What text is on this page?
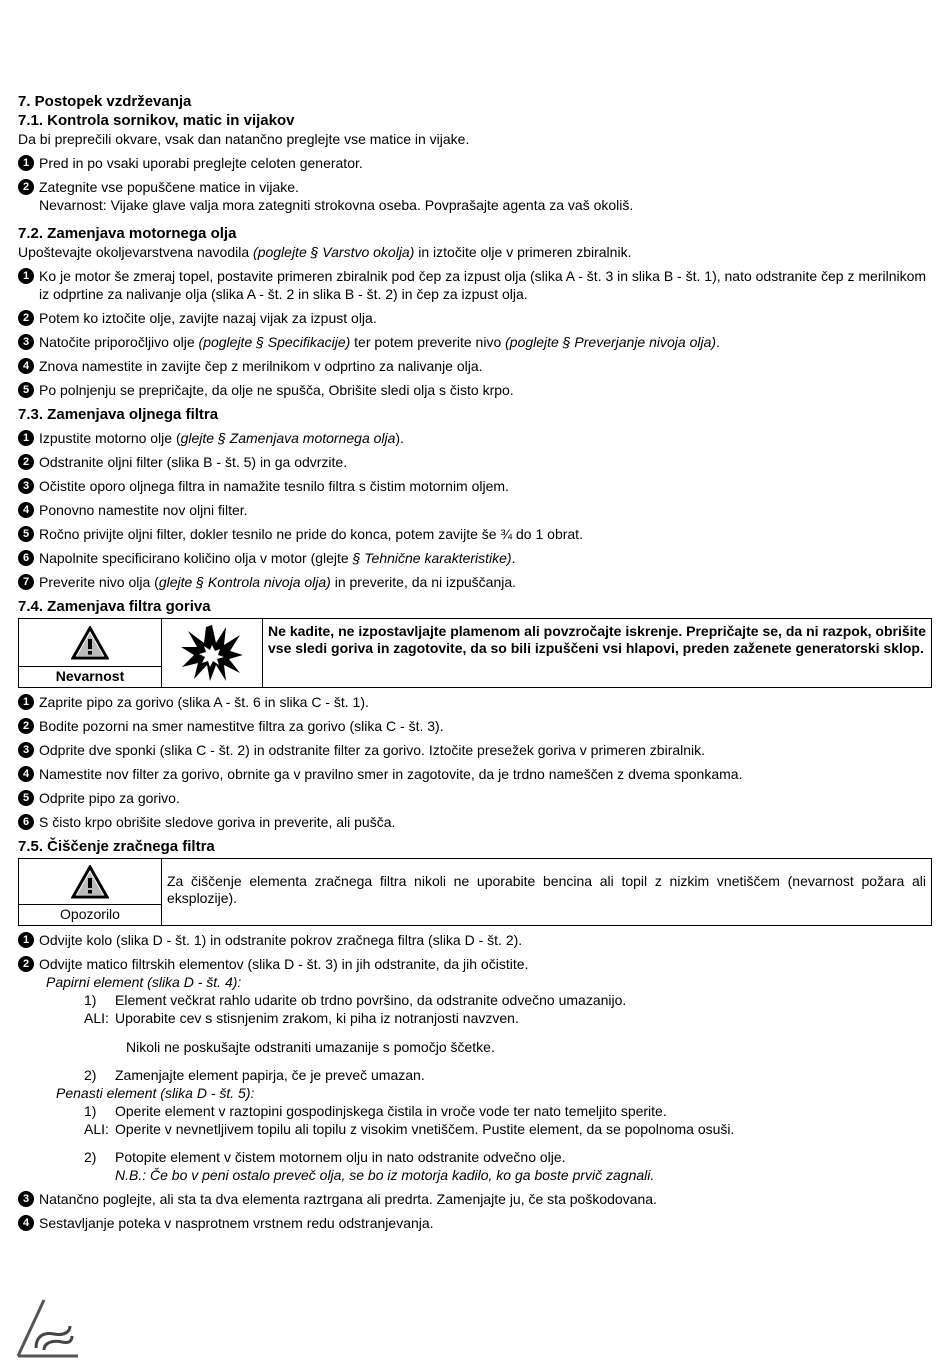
7. Postopek vzdrževanja
7.1. Kontrola sornikov, matic in vijakov

Da bi preprečili okvare, vsak dan natančno preglejte vse matice in vijake.

1 Pred in po vsaki uporabi preglejte celoten generator.
2 Zategnite vse popuščene matice in vijake.
Nevarnost: Vijake glave valja mora zategniti strokovna oseba. Povprašajte agenta za vaš okoliš.
7.2. Zamenjava motornega olja

Upoštevajte okoljevarstvena navodila (poglejte § Varstvo okolja) in iztočite olje v primeren zbiralnik.

1 Ko je motor še zmeraj topel, postavite primeren zbiralnik pod čep za izpust olja (slika A - št. 3 in slika B - št. 1), nato odstranite čep z merilnikom iz odprtine za nalivanje olja (slika A - št. 2 in slika B - št. 2) in čep za izpust olja.
2 Potem ko iztočite olje, zavijte nazaj vijak za izpust olja.
3 Natočite priporočljivo olje (poglejte § Specifikacije) ter potem preverite nivo (poglejte § Preverjanje nivoja olja).
4 Znova namestite in zavijte čep z merilnikom v odprtino za nalivanje olja.
5 Po polnjenju se prepričajte, da olje ne spušča, Obrišite sledi olja s čisto krpo.
7.3. Zamenjava oljnega filtra
1 Izpustite motorno olje (glejte § Zamenjava motornega olja).
2 Odstranite oljni filter (slika B - št. 5) in ga odvrzite.
3 Očistite oporo oljnega filtra in namažite tesnilo filtra s čistim motornim oljem.
4 Ponovno namestite nov oljni filter.
5 Ročno privijte oljni filter, dokler tesnilo ne pride do konca, potem zavijte še ¾ do 1 obrat.
6 Napolnite specificirano količino olja v motor (glejte § Tehnične karakteristike).
7 Preverite nivo olja (glejte § Kontrola nivoja olja) in preverite, da ni izpuščanja.
7.4. Zamenjava filtra goriva
Nevarnost
Ne kadite, ne izpostavljajte plamenom ali povzročajte iskrenje. Prepričajte se, da ni razpok, obrišite vse sledi goriva in zagotovite, da so bili izpuščeni vsi hlapovi, preden zaženete generatorski sklop.
1 Zaprite pipo za gorivo (slika A - št. 6 in slika C - št. 1).
2 Bodite pozorni na smer namestitve filtra za gorivo (slika C - št. 3).
3 Odprite dve sponki (slika C - št. 2) in odstranite filter za gorivo. Iztočite presežek goriva v primeren zbiralnik.
4 Namestite nov filter za gorivo, obrnite ga v pravilno smer in zagotovite, da je trdno nameščen z dvema sponkama.
5 Odprite pipo za gorivo.
6 S čisto krpo obrišite sledove goriva in preverite, ali pušča.
7.5. Čiščenje zračnega filtra
Opozorilo
Za čiščenje elementa zračnega filtra nikoli ne uporabite bencina ali topil z nizkim vnetiščem (nevarnost požara ali eksplozije).
1 Odvijte kolo (slika D - št. 1) in odstranite pokrov zračnega filtra (slika D - št. 2).
2 Odvijte matico filtrskih elementov (slika D - št. 3) in jih odstranite, da jih očistite.
Papirni element (slika D - št. 4):
1)	Element večkrat rahlo udarite ob trdno površino, da odstranite odvečno umazanijo.
ALI: Uporabite cev s stisnjenim zrakom, ki piha iz notranjosti navzven.
Nikoli ne poskušajte odstraniti umazanije s pomočjo ščetke.
2)	Zamenjajte element papirja, če je preveč umazan.
Penasti element (slika D - št. 5):
1)	Operite element v raztopini gospodinjskega čistila in vroče vode ter nato temeljito sperite.
ALI: Operite v nevnetljivem topilu ali topilu z visokim vnetiščem. Pustite element, da se popolnoma osuši.
2)	Potopite element v čistem motornem olju in nato odstranite odvečno olje.
N.B.: Če bo v peni ostalo preveč olja, se bo iz motorja kadilo, ko ga boste prvič zagnali.
3 Natančno poglejte, ali sta ta dva elementa raztrgana ali predrta. Zamenjajte ju, če sta poškodovana.
4 Sestavljanje poteka v nasprotnem vrstnem redu odstranjevanja.
